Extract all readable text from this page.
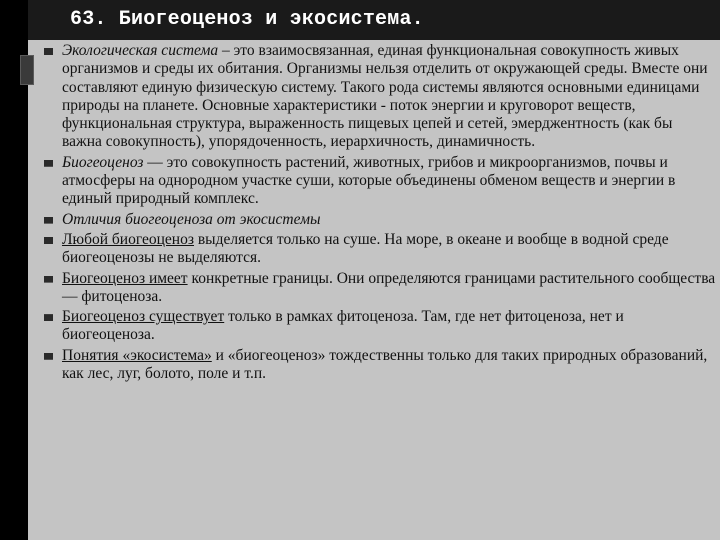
63. Биогеоценоз и экосистема.
Экологическая система – это взаимосвязанная, единая функциональная совокупность живых организмов и среды их обитания. Организмы нельзя отделить от окружающей среды. Вместе они составляют единую физическую систему. Такого рода системы являются основными единицами природы на планете. Основные характеристики - поток энергии и круговорот веществ, функциональная структура, выраженность пищевых цепей и сетей, эмерджентность (как бы важна совокупность), упорядоченность, иерархичность, динамичность.
Биогеоценоз — это совокупность растений, животных, грибов и микроорганизмов, почвы и атмосферы на однородном участке суши, которые объединены обменом веществ и энергии в единый природный комплекс.
Отличия биогеоценоза от экосистемы
Любой биогеоценоз выделяется только на суше. На море, в океане и вообще в водной среде биогеоценозы не выделяются.
Биогеоценоз имеет конкретные границы. Они определяются границами растительного сообщества — фитоценоза.
Биогеоценоз существует только в рамках фитоценоза. Там, где нет фитоценоза, нет и биогеоценоза.
Понятия «экосистема» и «биогеоценоз» тождественны только для таких природных образований, как лес, луг, болото, поле и т.п.
